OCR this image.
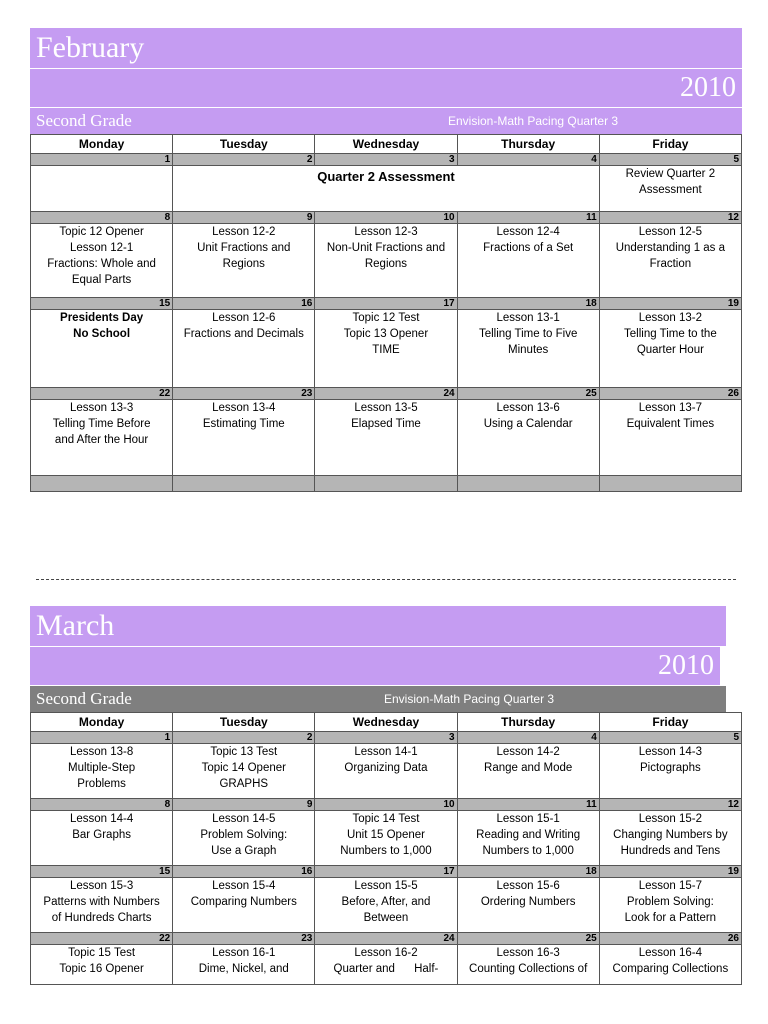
February
2010
Second Grade	Envision-Math Pacing Quarter 3
Monday	Tuesday	Wednesday	Thursday	Friday
1	2	3	4	5

	Quarter 2 Assessment			Review Quarter 2
Assessment

8	9	10	11	12

Topic 12 Opener
Lesson 12-1
Fractions: Whole and
Equal Parts	Lesson 12-2
Unit Fractions and
Regions	Lesson 12-3
Non-Unit Fractions and
Regions	Lesson 12-4
Fractions of a Set	Lesson 12-5
Understanding 1 as a
Fraction

15	16	17	18	19

Presidents Day
No School	Lesson 12-6
Fractions and Decimals	Topic 12 Test
Topic 13 Opener
TIME	Lesson 13-1
Telling Time to Five
Minutes	Lesson 13-2
Telling Time to the
Quarter Hour

22	23	24	25	26

Lesson 13-3
Telling Time Before
and After the Hour	Lesson 13-4
Estimating Time	Lesson 13-5
Elapsed Time	Lesson 13-6
Using a Calendar	Lesson 13-7
Equivalent Times

March
2010
Second Grade	Envision-Math Pacing Quarter 3
Monday	Tuesday	Wednesday	Thursday	Friday
1	2	3	4	5

Lesson 13-8
Multiple-Step
Problems	Topic 13 Test
Topic 14 Opener
GRAPHS	Lesson 14-1
Organizing Data	Lesson 14-2
Range and Mode	Lesson 14-3
Pictographs

8	9	10	11	12

Lesson 14-4
Bar Graphs	Lesson 14-5
Problem Solving:
Use a Graph	Topic 14 Test
Unit 15 Opener
Numbers to 1,000	Lesson 15-1
Reading and Writing
Numbers to 1,000	Lesson 15-2
Changing Numbers by
Hundreds and Tens

15	16	17	18	19

Lesson 15-3
Patterns with Numbers
of Hundreds Charts	Lesson 15-4
Comparing Numbers	Lesson 15-5
Before, After, and
Between	Lesson 15-6
Ordering Numbers	Lesson 15-7
Problem Solving:
Look for a Pattern

22	23	24	25	26

Topic 15 Test
Topic 16 Opener	Lesson 16-1
Dime, Nickel, and	Lesson 16-2
Quarter and      Half-	Lesson 16-3
Counting Collections of	Lesson 16-4
Comparing Collections
